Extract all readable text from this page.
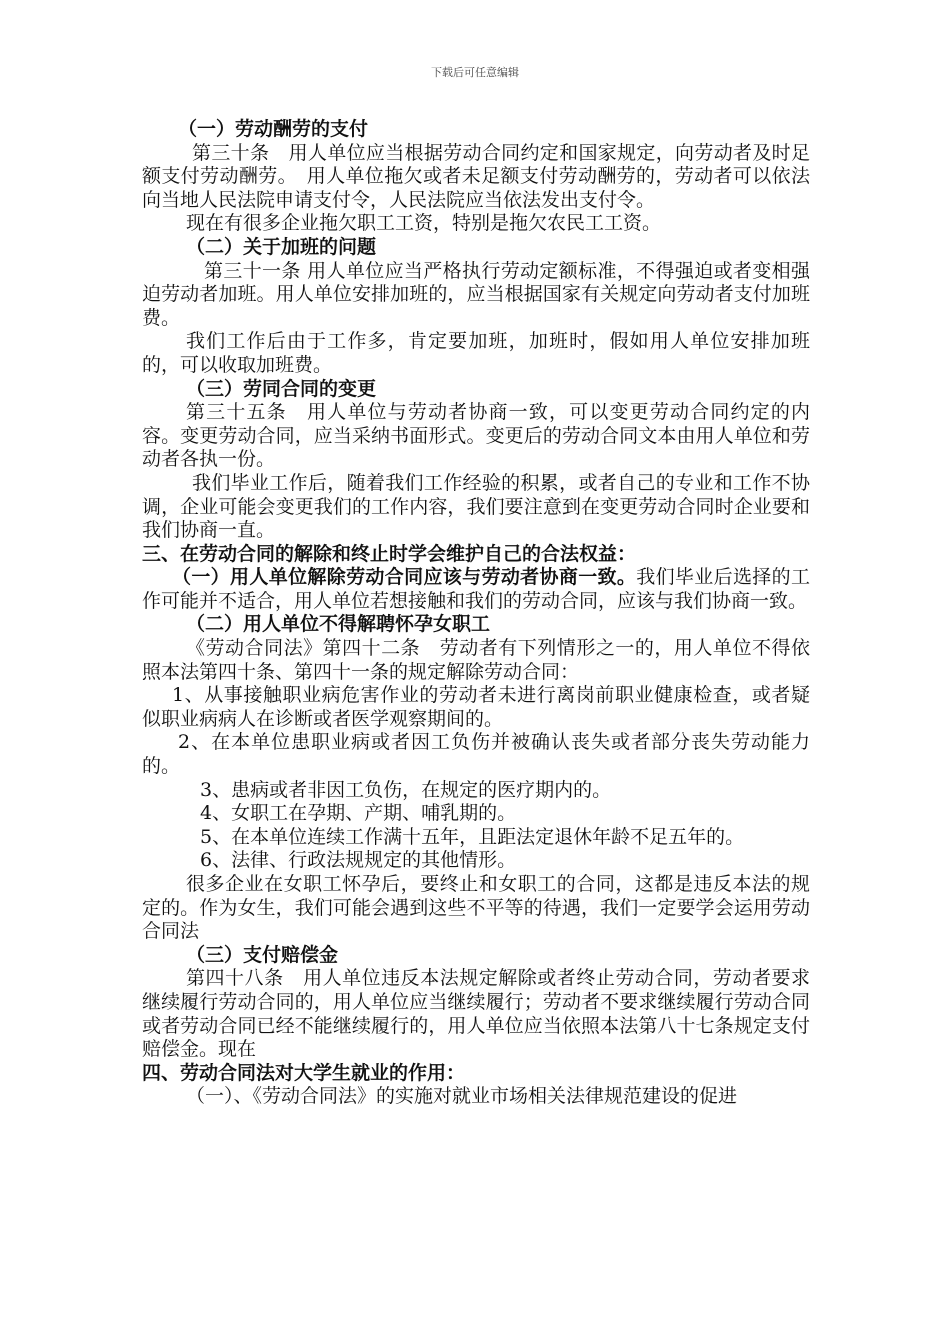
下载后可任意编辑

（一）劳动酬劳的支付

第三十条　用人单位应当根据劳动合同约定和国家规定，向劳动者及时足额支付劳动酬劳。　用人单位拖欠或者未足额支付劳动酬劳的，劳动者可以依法向当地人民法院申请支付令，人民法院应当依法发出支付令。

现在有很多企业拖欠职工工资，特别是拖欠农民工工资。

（二）关于加班的问题

第三十一条 用人单位应当严格执行劳动定额标准，不得强迫或者变相强迫劳动者加班。用人单位安排加班的，应当根据国家有关规定向劳动者支付加班费。

我们工作后由于工作多，肯定要加班，加班时，假如用人单位安排加班的，可以收取加班费。

（三）劳同合同的变更

第三十五条　用人单位与劳动者协商一致，可以变更劳动合同约定的内容。变更劳动合同，应当采纳书面形式。变更后的劳动合同文本由用人单位和劳动者各执一份。

我们毕业工作后，随着我们工作经验的积累，或者自己的专业和工作不协调，企业可能会变更我们的工作内容，我们要注意到在变更劳动合同时企业要和我们协商一直。

三、在劳动合同的解除和终止时学会维护自己的合法权益：

（一）用人单位解除劳动合同应该与劳动者协商一致。我们毕业后选择的工作可能并不适合，用人单位若想接触和我们的劳动合同，应该与我们协商一致。

（二）用人单位不得解聘怀孕女职工

《劳动合同法》第四十二条　劳动者有下列情形之一的，用人单位不得依照本法第四十条、第四十一条的规定解除劳动合同：

1、从事接触职业病危害作业的劳动者未进行离岗前职业健康检查，或者疑似职业病病人在诊断或者医学观察期间的。

2、在本单位患职业病或者因工负伤并被确认丧失或者部分丧失劳动能力的。

3、患病或者非因工负伤，在规定的医疗期内的。

4、女职工在孕期、产期、哺乳期的。

5、在本单位连续工作满十五年，且距法定退休年龄不足五年的。

6、法律、行政法规规定的其他情形。

很多企业在女职工怀孕后，要终止和女职工的合同，这都是违反本法的规定的。作为女生，我们可能会遇到这些不平等的待遇，我们一定要学会运用劳动合同法

（三）支付赔偿金

第四十八条　用人单位违反本法规定解除或者终止劳动合同，劳动者要求继续履行劳动合同的，用人单位应当继续履行；劳动者不要求继续履行劳动合同或者劳动合同已经不能继续履行的，用人单位应当依照本法第八十七条规定支付赔偿金。现在

四、劳动合同法对大学生就业的作用：

（一）、《劳动合同法》的实施对就业市场相关法律规范建设的促进
